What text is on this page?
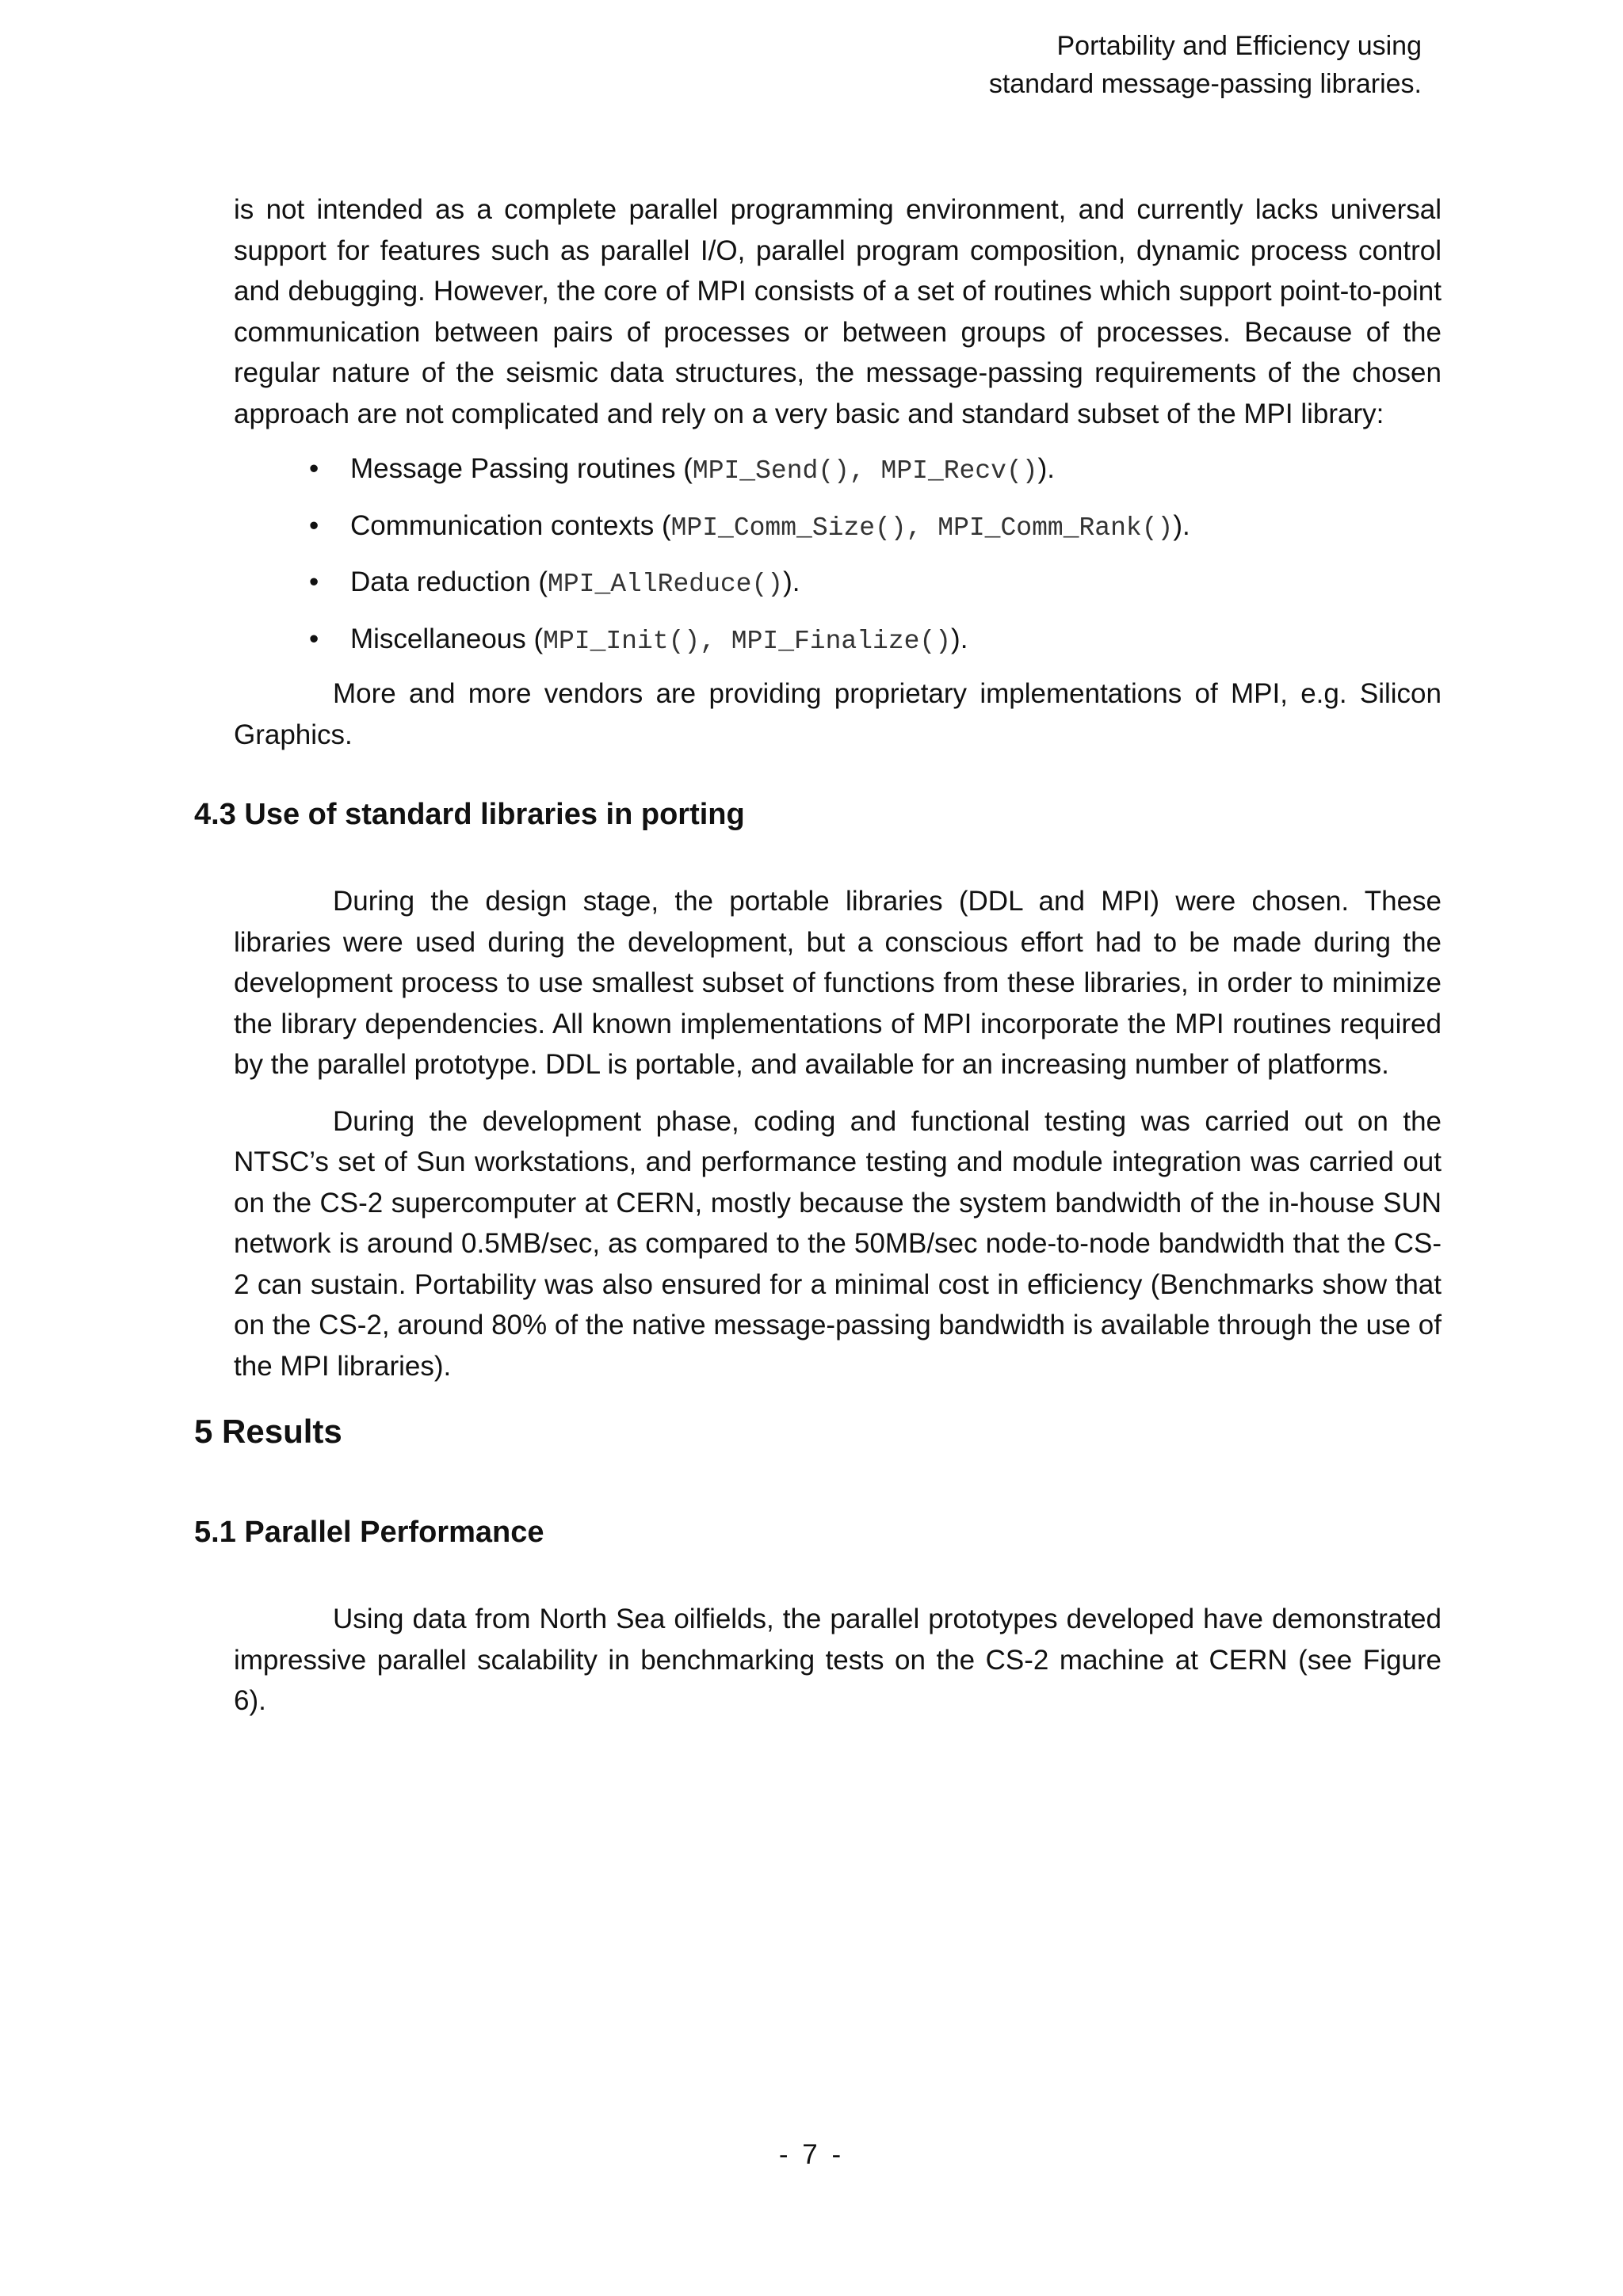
Portability and Efficiency using
standard message-passing libraries.

is not intended as a complete parallel programming environment, and currently lacks universal support for features such as parallel I/O, parallel program composition, dynamic process control and debugging. However, the core of MPI consists of a set of routines which support point-to-point communication between pairs of processes or between groups of processes. Because of the regular nature of the seismic data structures, the message-passing requirements of the chosen approach are not complicated and rely on a very basic and standard subset of the MPI library:

• Message Passing routines (MPI_Send(), MPI_Recv()).
• Communication contexts (MPI_Comm_Size(), MPI_Comm_Rank()).
• Data reduction (MPI_AllReduce()).
• Miscellaneous (MPI_Init(), MPI_Finalize()).

More and more vendors are providing proprietary implementations of MPI, e.g. Silicon Graphics.

4.3 Use of standard libraries in porting

During the design stage, the portable libraries (DDL and MPI) were chosen. These libraries were used during the development, but a conscious effort had to be made during the development process to use smallest subset of functions from these libraries, in order to minimize the library dependencies. All known implementations of MPI incorporate the MPI routines required by the parallel prototype. DDL is portable, and available for an increasing number of platforms.

During the development phase, coding and functional testing was carried out on the NTSC’s set of Sun workstations, and performance testing and module integration was carried out on the CS-2 supercomputer at CERN, mostly because the system bandwidth of the in-house SUN network is around 0.5MB/sec, as compared to the 50MB/sec node-to-node bandwidth that the CS-2 can sustain. Portability was also ensured for a minimal cost in efficiency (Benchmarks show that on the CS-2, around 80% of the native message-passing bandwidth is available through the use of the MPI libraries).

5 Results
5.1 Parallel Performance

Using data from North Sea oilfields, the parallel prototypes developed have demonstrated impressive parallel scalability in benchmarking tests on the CS-2 machine at CERN (see Figure 6).

- 7 -
